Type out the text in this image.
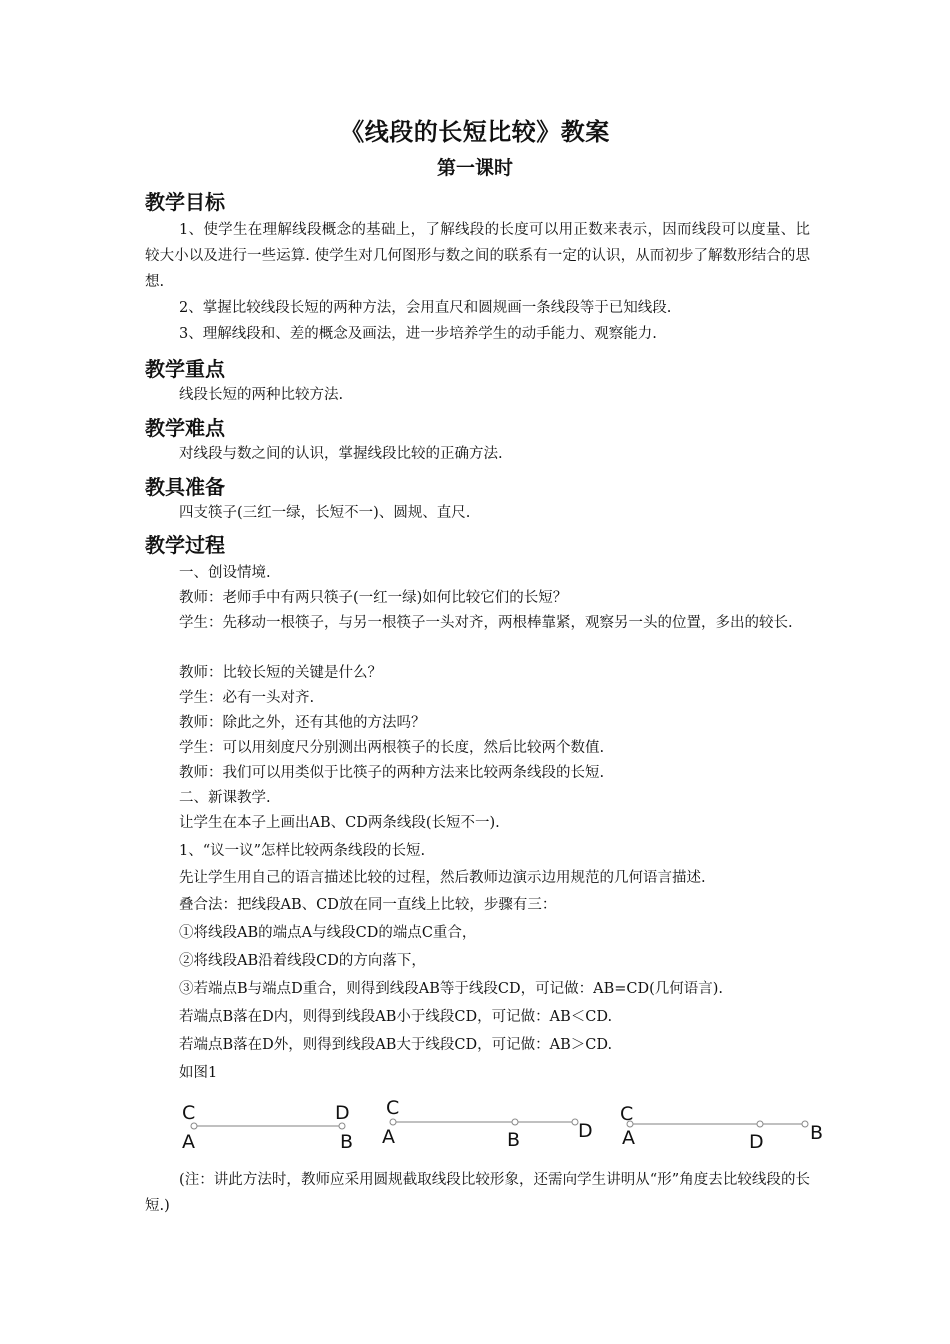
《线段的长短比较》教案
第一课时
教学目标
1、使学生在理解线段概念的基础上，了解线段的长度可以用正数来表示，因而线段可以度量、比较大小以及进行一些运算. 使学生对几何图形与数之间的联系有一定的认识，从而初步了解数形结合的思想.
2、掌握比较线段长短的两种方法，会用直尺和圆规画一条线段等于已知线段.
3、理解线段和、差的概念及画法，进一步培养学生的动手能力、观察能力.
教学重点
线段长短的两种比较方法.
教学难点
对线段与数之间的认识，掌握线段比较的正确方法.
教具准备
四支筷子(三红一绿，长短不一)、圆规、直尺.
教学过程
一、创设情境.
教师：老师手中有两只筷子(一红一绿)如何比较它们的长短？
学生：先移动一根筷子，与另一根筷子一头对齐，两根棒靠紧，观察另一头的位置，多出的较长.
教师：比较长短的关键是什么？
学生：必有一头对齐.
教师：除此之外，还有其他的方法吗？
学生：可以用刻度尺分别测出两根筷子的长度，然后比较两个数值.
教师：我们可以用类似于比筷子的两种方法来比较两条线段的长短.
二、新课教学.
让学生在本子上画出AB、CD两条线段(长短不一).
1、“议一议”怎样比较两条线段的长短.
先让学生用自己的语言描述比较的过程，然后教师边演示边用规范的几何语言描述.
叠合法：把线段AB、CD放在同一直线上比较，步骤有三：
①将线段AB的端点A与线段CD的端点C重合，
②将线段AB沿着线段CD的方向落下，
③若端点B与端点D重合，则得到线段AB等于线段CD，可记做：AB=CD(几何语言).
若端点B落在D内，则得到线段AB小于线段CD，可记做：AB＜CD.
若端点B落在D外，则得到线段AB大于线段CD，可记做：AB＞CD.
如图1
C
A
D
B
C
A	B	D
C
A	D B
(注：讲此方法时，教师应采用圆规截取线段比较形象，还需向学生讲明从“形”角度去比较线段的长短.)
